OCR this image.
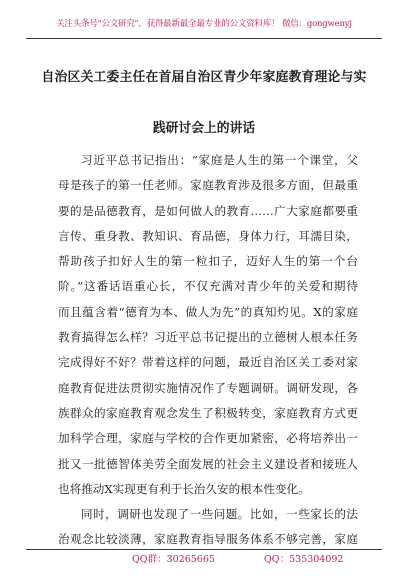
关注头条号"公文研究"，获得最新最全最专业的公文资料库！ 微信：gongwenyj
自治区关工委主任在首届自治区青少年家庭教育理论与实
践研讨会上的讲话
习近平总书记指出：“家庭是人生的第一个课堂，父
母是孩子的第一任老师。家庭教育涉及很多方面，但最重
要的是品德教育，是如何做人的教育……广大家庭都要重
言传、重身教、教知识、育品德，身体力行，耳濡目染，
帮助孩子扣好人生的第一粒扣子，迈好人生的第一个台
阶。”这番话语重心长，不仅充满对青少年的关爱和期待
而且蕴含着“德育为本、做人为先”的真知灼见。X的家庭
教育搞得怎么样？习近平总书记提出的立德树人根本任务
完成得好不好？带着这样的问题，最近自治区关工委对家
庭教育促进法贯彻实施情况作了专题调研。调研发现，各
族群众的家庭教育观念发生了积极转变，家庭教育方式更
加科学合理，家庭与学校的合作更加紧密，必将培养出一
批又一批德智体美劳全面发展的社会主义建设者和接班人
也将推动X实现更有利于长治久安的根本性变化。
同时，调研也发现了一些问题。比如，一些家长的法
治观念比较淡薄，家庭教育指导服务体系不够完善，家庭
QQ群：30265665	QQ：535304092
